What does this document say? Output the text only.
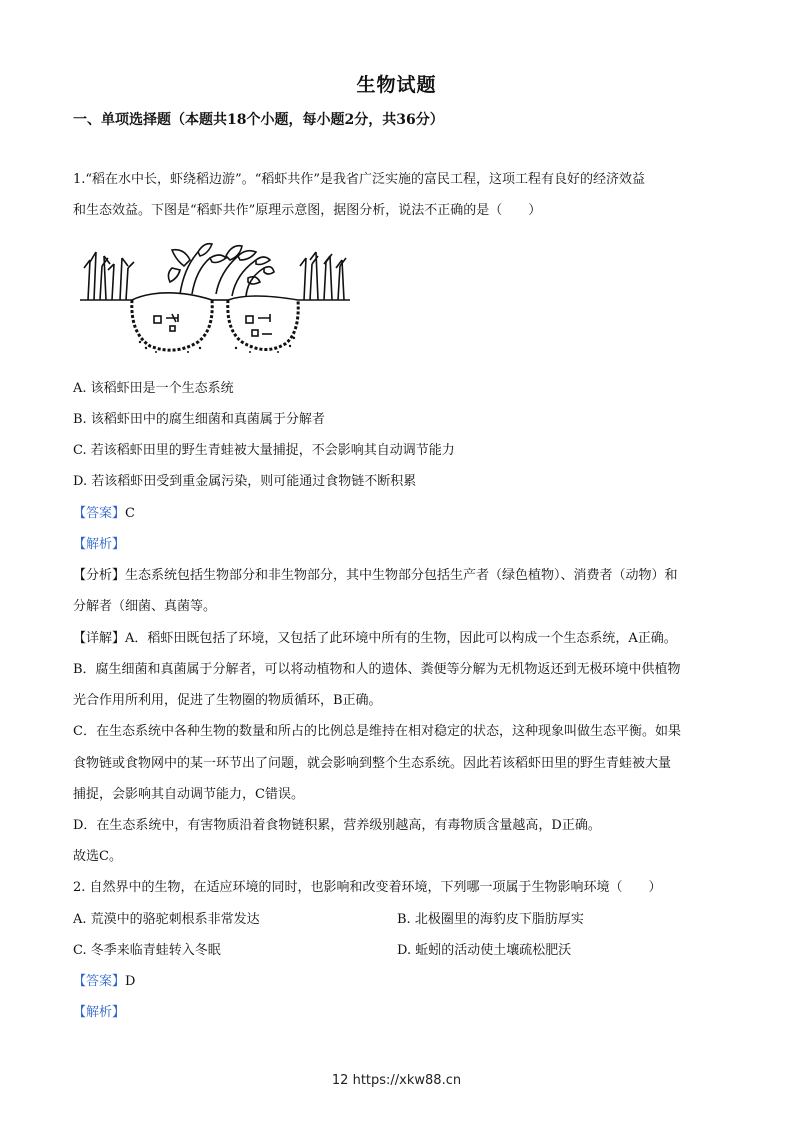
生物试题
一、单项选择题（本题共18个小题，每小题2分，共36分）
1.“稻在水中长，虾绕稻边游”。“稻虾共作”是我省广泛实施的富民工程，这项工程有良好的经济效益
和生态效益。下图是“稻虾共作”原理示意图，据图分析，说法不正确的是（　　）
A. 该稻虾田是一个生态系统
B. 该稻虾田中的腐生细菌和真菌属于分解者
C. 若该稻虾田里的野生青蛙被大量捕捉，不会影响其自动调节能力
D. 若该稻虾田受到重金属污染，则可能通过食物链不断积累
【答案】C
【解析】
【分析】生态系统包括生物部分和非生物部分，其中生物部分包括生产者（绿色植物）、消费者（动物）和
分解者（细菌、真菌等。
【详解】A．稻虾田既包括了环境，又包括了此环境中所有的生物，因此可以构成一个生态系统，A正确。
B．腐生细菌和真菌属于分解者，可以将动植物和人的遗体、粪便等分解为无机物返还到无极环境中供植物
光合作用所利用，促进了生物圈的物质循环，B正确。
C．在生态系统中各种生物的数量和所占的比例总是维持在相对稳定的状态，这种现象叫做生态平衡。如果
食物链或食物网中的某一环节出了问题，就会影响到整个生态系统。因此若该稻虾田里的野生青蛙被大量
捕捉，会影响其自动调节能力，C错误。
D．在生态系统中，有害物质沿着食物链积累，营养级别越高，有毒物质含量越高，D正确。
故选C。
2. 自然界中的生物，在适应环境的同时，也影响和改变着环境，下列哪一项属于生物影响环境（　　）
A. 荒漠中的骆驼刺根系非常发达	B. 北极圈里的海豹皮下脂肪厚实
C. 冬季来临青蛙转入冬眠	D. 蚯蚓的活动使土壤疏松肥沃
【答案】D
【解析】
12 https://xkw88.cn
